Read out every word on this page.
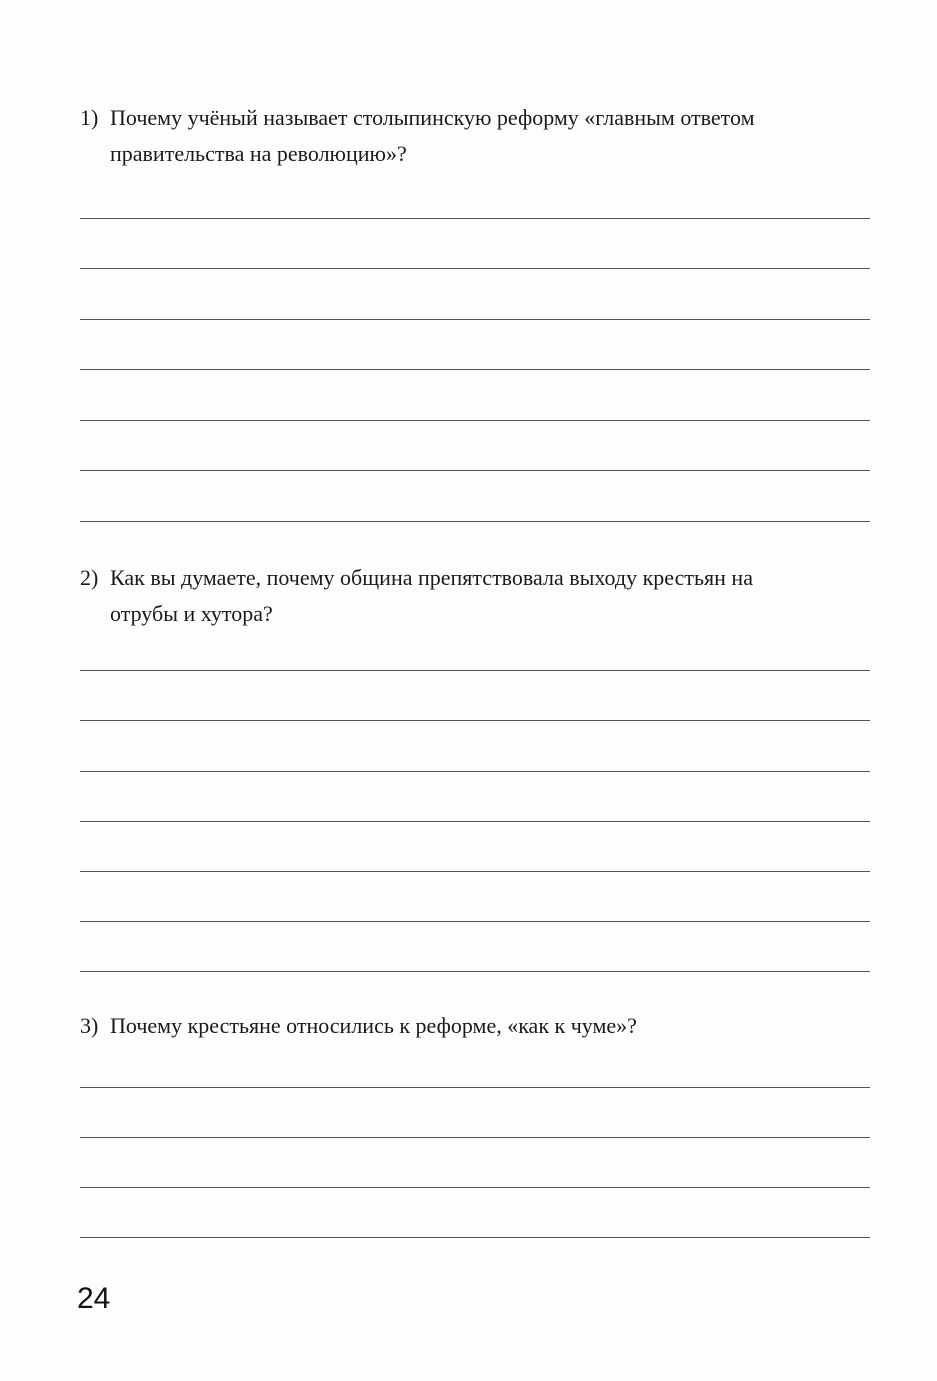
1) Почему учёный называет столыпинскую реформу «главным ответом
правительства на революцию»?
2) Как вы думаете, почему община препятствовала выходу крестьян на
отрубы и хутора?
3) Почему крестьяне относились к реформе, «как к чуме»?
24
